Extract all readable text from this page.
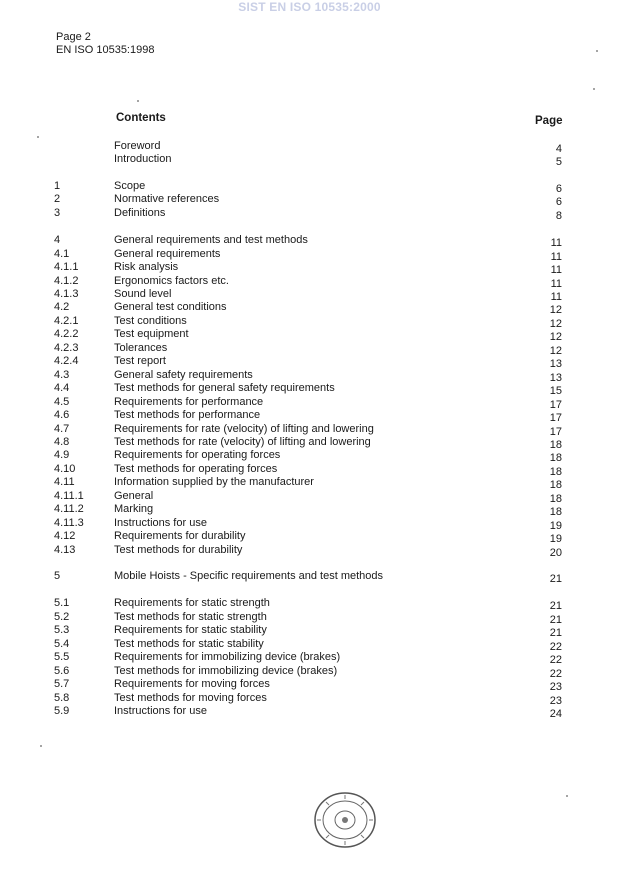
SIST EN ISO 10535:2000
Page 2
EN ISO 10535:1998
Contents	Page
Foreword	4
Introduction	5
1	Scope	6
2	Normative references	6
3	Definitions	8
4	General requirements and test methods	11
4.1	General requirements	11
4.1.1	Risk analysis	11
4.1.2	Ergonomics factors etc.	11
4.1.3	Sound level	11
4.2	General test conditions	12
4.2.1	Test conditions	12
4.2.2	Test equipment	12
4.2.3	Tolerances	12
4.2.4	Test report	13
4.3	General safety requirements	13
4.4	Test methods for general safety requirements	15
4.5	Requirements for performance	17
4.6	Test methods for performance	17
4.7	Requirements for rate (velocity) of lifting and lowering	17
4.8	Test methods for rate (velocity) of lifting and lowering	18
4.9	Requirements for operating forces	18
4.10	Test methods for operating forces	18
4.11	Information supplied by the manufacturer	18
4.11.1	General	18
4.11.2	Marking	18
4.11.3	Instructions for use	19
4.12	Requirements for durability	19
4.13	Test methods for durability	20
5	Mobile Hoists - Specific requirements and test methods	21
5.1	Requirements for static strength	21
5.2	Test methods for static strength	21
5.3	Requirements for static stability	21
5.4	Test methods for static stability	22
5.5	Requirements for immobilizing device (brakes)	22
5.6	Test methods for immobilizing device (brakes)	22
5.7	Requirements for moving forces	23
5.8	Test methods for moving forces	23
5.9	Instructions for use	24
